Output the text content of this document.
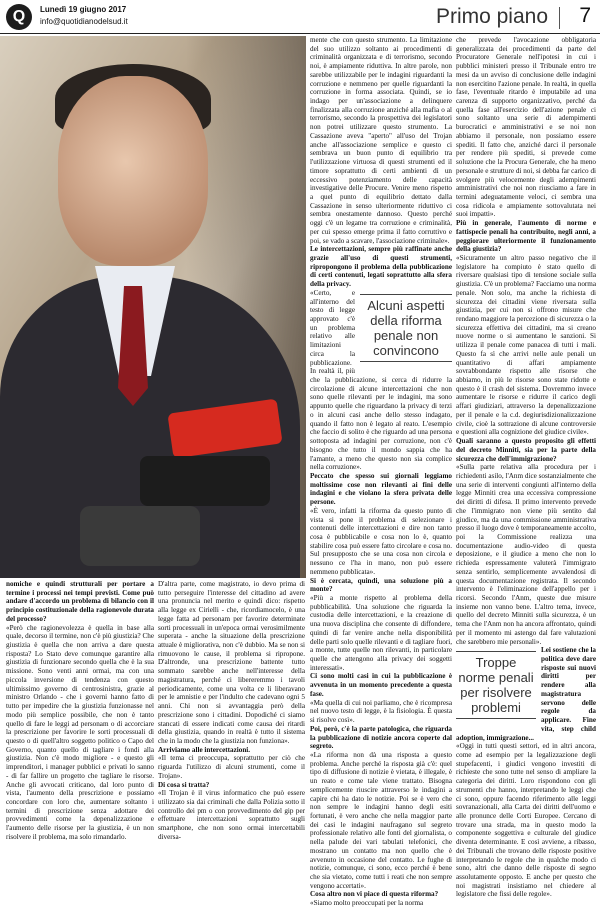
Q	Lunedì 19 giugno 2017
info@quotidianodelsud.it	Primo piano 7

nomiche e quindi strutturali per portare a termine i processi nei tempi previsti. Come può andare d'accordo un problema di bilancio con il principio costituzionale della ragionevole durata del processo?

«Però che ragionevolezza è quella in base alla quale, decorso il termine, non c'è più giustizia? Che giustizia è quella che non arriva a dare questa risposta? Lo Stato deve comunque garantire alla giustizia di funzionare secondo quella che è la sua missione. Sono venti anni ormai, ma con una piccola inversione di tendenza con questo ultimissimo governo di centrosinistra, grazie al ministro Orlando - che i governi hanno fatto di tutto per impedire che la giustizia funzionasse nel modo più semplice possibile, che non è tanto quello di fare le leggi ad personam o di accorciare la prescrizione per favorire le sorti processuali di questo o di quell'altro soggetto politico o Capo del Governo, quanto quello di tagliare i fondi alla giustizia. Non c'è modo migliore - e questo gli imprenditori, i manager pubblici e privati lo sanno - di far fallire un progetto che tagliare le risorse. Anche gli avvocati criticano, dal loro punto di vista, l'aumento della prescrizione e possiamo concordare con loro che, aumentare soltanto i termini di prescrizione senza adottare dei provvedimenti come la depenalizzazione e l'aumento delle risorse per la giustizia, è un non risolvere il problema, ma solo rimandarlo.

D'altra parte, come magistrato, io devo prima di tutto perseguire l'interesse del cittadino ad avere una pronuncia nel merito e quindi dico: rispetto alla legge ex Cirielli - che, ricordiamocelo, è una legge fatta ad personam per favorire determinate sorti processuali in un'epoca ormai verosimilmente superata - anche la situazione della prescrizione attuale è migliorativa, non c'è dubbio. Ma se non si rimuovono le cause, il problema si ripropone. D'altronde, una prescrizione battente tutto sommato sarebbe anche nell'interesse della magistratura, perché ci libereremmo i tavoli periodicamente, come una volta ce li liberavano per le amnistie e per l'indulto che cadevano ogni 5 anni. Chi non si avvantaggia però della prescrizione sono i cittadini. Dopodiché ci siamo stancati di essere indicati come causa dei ritardi della giustizia, quando in realtà è tutto il sistema che in la modo che la giustizia non funziona».

Arriviamo alle intercettazioni.

«Il tema ci preoccupa, soprattutto per ciò che riguarda l'utilizzo di alcuni strumenti, come il Trojan».

Di cosa si tratta?

«Il Trojan è il virus informatico che può essere utilizzato sia dai criminali che dalla Polizia sotto il controllo dei pm o con provvedimento del gip per effettuare intercettazioni soprattutto sugli smartphone, che non sono ormai intercettabili diversa-

mente che con questo strumento. La limitazione del suo utilizzo soltanto ai procedimenti di criminalità organizzata e di terrorismo, secondo noi, è ampiamente riduttiva. In altre parole, non sarebbe utilizzabile per le indagini riguardanti la corruzione e nemmeno per quelle riguardanti la corruzione in forma associata. Quindi, se io indago per un'associazione a delinquere finalizzata alla corruzione anziché alla mafia o al terrorismo, secondo la prospettiva dei legislatori non potrei utilizzare questo strumento. La Cassazione aveva "aperto" all'uso del Trojan anche all'associazione semplice e questo ci sembrava un buon punto di equilibrio tra l'utilizzazione virtuosa di questi strumenti ed il timore soprattutto di certi ambienti di un eccessivo potenziamento delle capacità investigative delle Procure. Venire meno rispetto a quel punto di equilibrio dettato dalla Cassazione in senso ulteriormente riduttivo ci sembra onestamente dannoso. Questo perché oggi c'è un legame tra corruzione e criminalità, per cui spesso emerge prima il fatto corruttivo e poi, se vado a scavare, l'associazione criminale».

Le intercettazioni, sempre più raffinate anche grazie all'uso di questi strumenti, ripropongono il problema della pubblicazione di certi contenuti, legati soprattutto alla sfera della privacy.

Alcuni aspetti della riforma penale non convincono

«Certo, e all'interno del testo di legge approvato c'è un problema relativo alle limitazioni circa la pubblicazione. In realtà il, più che la pubblicazione, si cerca di ridurre la circolazione di alcune intercettazioni che non sono quelle rilevanti per le indagini, ma sono appunto quelle che riguardano la privacy di terzi o in alcuni casi anche dello stesso indagato, quando il fatto non è legato al reato. L'esempio che faccio di solito è che riguardo ad una persona sottoposta ad indagini per corruzione, non c'è bisogno che tutto il mondo sappia che ha l'amante, a meno che questo non sia complice nella corruzione».

Peccato che spesso sui giornali leggiamo moltissime cose non rilevanti ai fini delle indagini e che violano la sfera privata delle persone.

«È vero, infatti la riforma da questo punto di vista si pone il problema di selezionare i contenuti delle intercettazioni e dire non tanto cosa è pubblicabile e cosa non lo è, quanto stabilire cosa può essere fatto circolare e cosa no. Sul presupposto che se una cosa non circola e nessuno ce l'ha in mano, non può essere nemmeno pubblicata».

Si è cercata, quindi, una soluzione più a monte?

«Più a monte rispetto al problema della pubblicabilità. Una soluzione che riguarda la custodia delle intercettazioni, e la creazione di una nuova disciplina che consente di diffondere, quindi di far venire anche nella disponibilità delle parti solo quelle rilevanti e di tagliare fuori, a monte, tutte quelle non rilevanti, in particolare quelle che attengono alla privacy dei soggetti interessati».

Ci sono molti casi in cui la pubblicazione è avvenuta in un momento precedente a questa fase.

«Ma quella di cui noi parliamo, che è ricompresa nel nuovo testo di legge, è la fisiologia. È questa si risolve così».

Poi, però, c'è la parte patologica, che riguarda la pubblicazione di notizie ancora coperte dal segreto.

«La riforma non dà una risposta a questo problema. Anche perché la risposta già c'è: quel tipo di diffusione di notizie è vietata, è illegale, è un reato e come tale viene trattato. Bisogna semplicemente riuscire attraverso le indagini a capire chi ha dato le notizie. Poi se è vero che non sempre le indagini hanno degli esiti fortunati, è vero anche che nella maggior parte dei casi le indagini naufragano sul segreto professionale relativo alle fonti del giornalista, o nella palude dei vari tabulati telefonici, che mostrano un contatto ma non quello che è avvenuto in occasione del contatto. Le fughe di notizie, comunque, ci sono, ecco perché è bene che sia vietato, come tutti i reati che non sempre vengono accertati».

Cosa altro non vi piace di questa riforma?

«Siamo molto preoccupati per la norma

che prevede l'avocazione obbligatoria generalizzata dei procedimenti da parte del Procuratore Generale nell'ipotesi in cui i pubblici ministeri presso il Tribunale entro tre mesi da un avviso di conclusione delle indagini non esercitino l'azione penale. In realtà, in quella fase, l'eventuale ritardo è imputabile ad una carenza di supporto organizzativo, perché da quella fase all'esercizio dell'azione penale ci sono soltanto una serie di adempimenti burocratici e amministrativi e se noi non abbiamo il personale, non possiamo essere spediti. Il fatto che, anziché darci il personale per rendere più spediti, si prevede come soluzione che la Procura Generale, che ha meno personale e strutture di noi, si debba far carico di svolgere più velocemente degli adempimenti amministrativi che noi non riusciamo a fare in termini adeguatamente veloci, ci sembra una cosa ridicola e ampiamente sottovalutata nei suoi impatti».

Più in generale, l'aumento di norme e fattispecie penali ha contribuito, negli anni, a peggiorare ulteriormente il funzionamento della giustizia?

«Sicuramente un altro passo negativo che il legislatore ha compiuto è stato quello di riversare qualsiasi tipo di tensione sociale sulla giustizia. C'è un problema? Facciamo una norma penale. Non solo, ma anche la richiesta di sicurezza dei cittadini viene riversata sulla giustizia, per cui non si offrono misure che rendano maggiore la percezione di sicurezza o la sicurezza effettiva dei cittadini, ma si creano nuove norme o si aumentano le sanzioni. Si utilizza il penale come panacea di tutti i mali. Questo fa sì che arrivi nelle aule penali un quantitativo di affari ampiamente sovrabbondante rispetto alle risorse che abbiamo, in più le risorse sono state ridotte e questo è il crash del sistema. Dovremmo invece aumentare le risorse e ridurre il carico degli affari giudiziari, attraverso la depenalizzazione per il penale e la c.d. degiurisdizionalizzazione civile, cioè la sottrazione di alcune controversie e questioni alla cognizione del giudice civile».

Quali saranno a questo proposito gli effetti del decreto Minniti, sia per la parte della sicurezza che dell'immigrazione?

«Sulla parte relativa alla procedura per i richiedenti asilo, l'Anm dice sostanzialmente che una serie di interventi congiunti all'interno della legge Minniti crea una eccessiva compressione dei diritti di difesa. Il primo intervento prevede che l'immigrato non viene più sentito dal giudice, ma da una commissione amministrativa presso il luogo dove è temporaneamente accolto, poi la Commissione realizza una documentazione audio-video di questa deposizione, e il giudice a meno che non lo richieda espressamente valuterà l'immigrato senza sentirlo, semplicemente avvalendosi di questa documentazione registrata. Il secondo intervento è l'eliminazione dell'appello per i ricorsi. Secondo l'Anm, queste due misure insieme non vanno bene. L'altro tema, invece, quello del decreto Minniti sulla sicurezza, è un tema che l'Anm non ha ancora affrontato, quindi per il momento mi astengo dal fare valutazioni che sarebbero mie personali».

Troppe norme penali per risolvere problemi

Lei sostiene che la politica deve dare risposte sui nuovi diritti per rendere alla magistratura servono delle regole da applicare. Fine vita, step child adoption, immigrazione...

«Oggi in tutti questi settori, ed in altri ancora, come ad esempio per la legalizzazione degli stupefacenti, i giudici vengono investiti di richieste che sono tutte nel senso di ampliare la categoria dei diritti. Loro rispondono con gli strumenti che hanno, interpretando le leggi che ci sono, oppure facendo riferimento alle leggi sovranazionali, alla Carta dei diritti dell'uomo e alle pronunce delle Corti Europee. Cercano di trovare una strada, ma in questo modo la componente soggettiva e culturale del giudice diventa determinante. E così avviene, a ribasso, dei Tribunali che trovano delle risposte positive interpretando le regole che in qualche modo ci sono, altri che danno delle risposte di segno assolutamente opposto. E anche per questo che noi magistrati insistiamo nel chiedere al legislatore che fissi delle regole».
